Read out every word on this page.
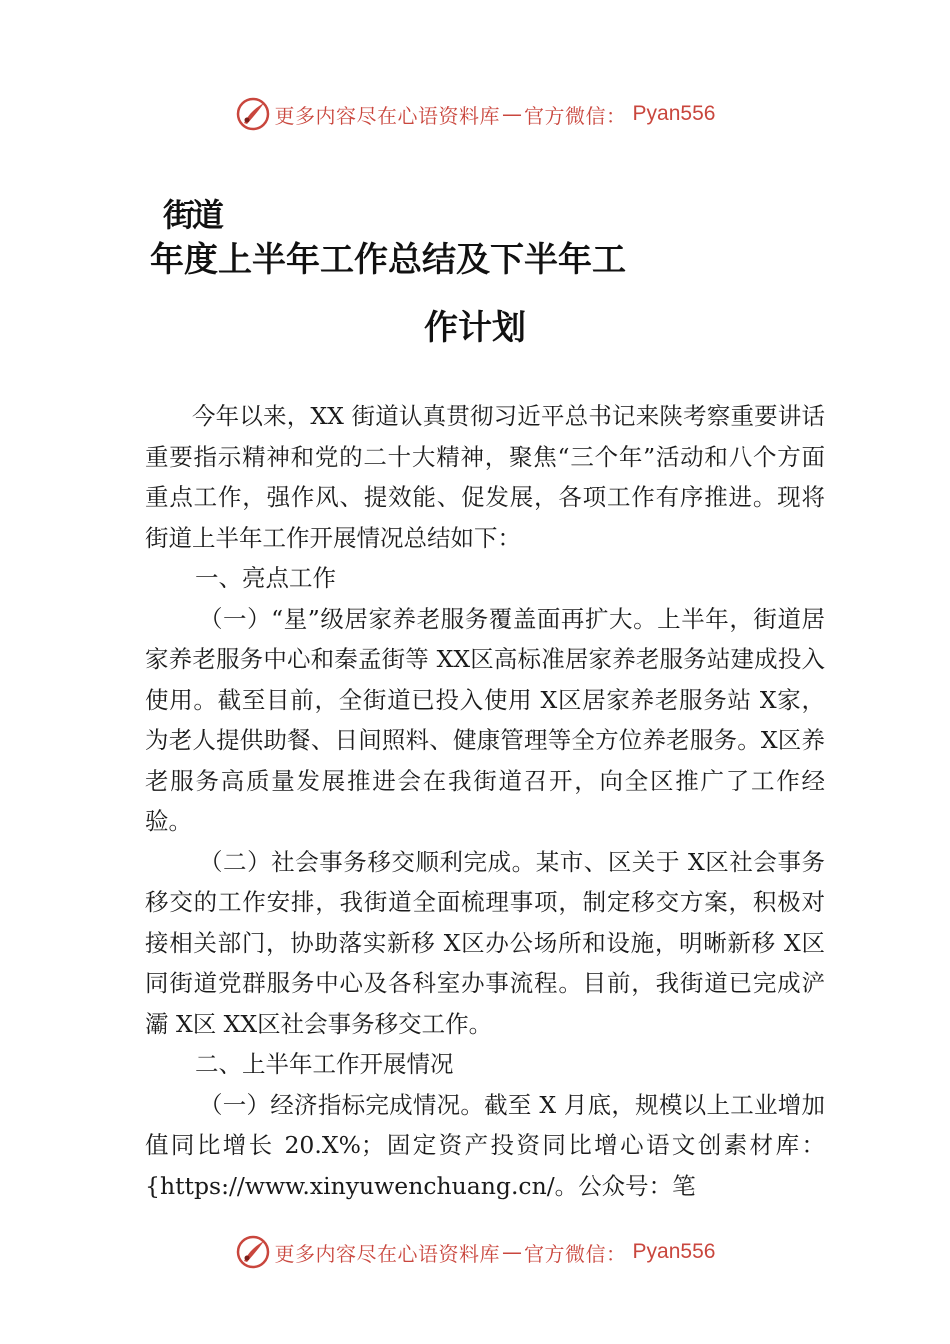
更多内容尽在心语资料库 — 官方微信： Pyan556
街道
年度上半年工作总结及下半年工
作计划

今年以来，XX 街道认真贯彻习近平总书记来陕考察重要讲话重要指示精神和党的二十大精神，聚焦“三个年”活动和八个方面重点工作，强作风、提效能、促发展，各项工作有序推进。现将街道上半年工作开展情况总结如下：

一、亮点工作

（一）“星”级居家养老服务覆盖面再扩大。上半年，街道居家养老服务中心和秦孟街等 XX区高标准居家养老服务站建成投入使用。截至目前，全街道已投入使用 X区居家养老服务站 X家，为老人提供助餐、日间照料、健康管理等全方位养老服务。X区养老服务高质量发展推进会在我街道召开，向全区推广了工作经验。

（二）社会事务移交顺利完成。某市、区关于 X区社会事务移交的工作安排，我街道全面梳理事项，制定移交方案，积极对接相关部门，协助落实新移 X区办公场所和设施，明晰新移 X区同街道党群服务中心及各科室办事流程。目前，我街道已完成浐灞 X区 XX区社会事务移交工作。

二、上半年工作开展情况

（一）经济指标完成情况。截至 X 月底，规模以上工业增加值同比增长 20.X%；固定资产投资同比增心语文创素材库：{https://www.xinyuwenchuang.cn/。公众号：笔

更多内容尽在心语资料库 — 官方微信： Pyan556
